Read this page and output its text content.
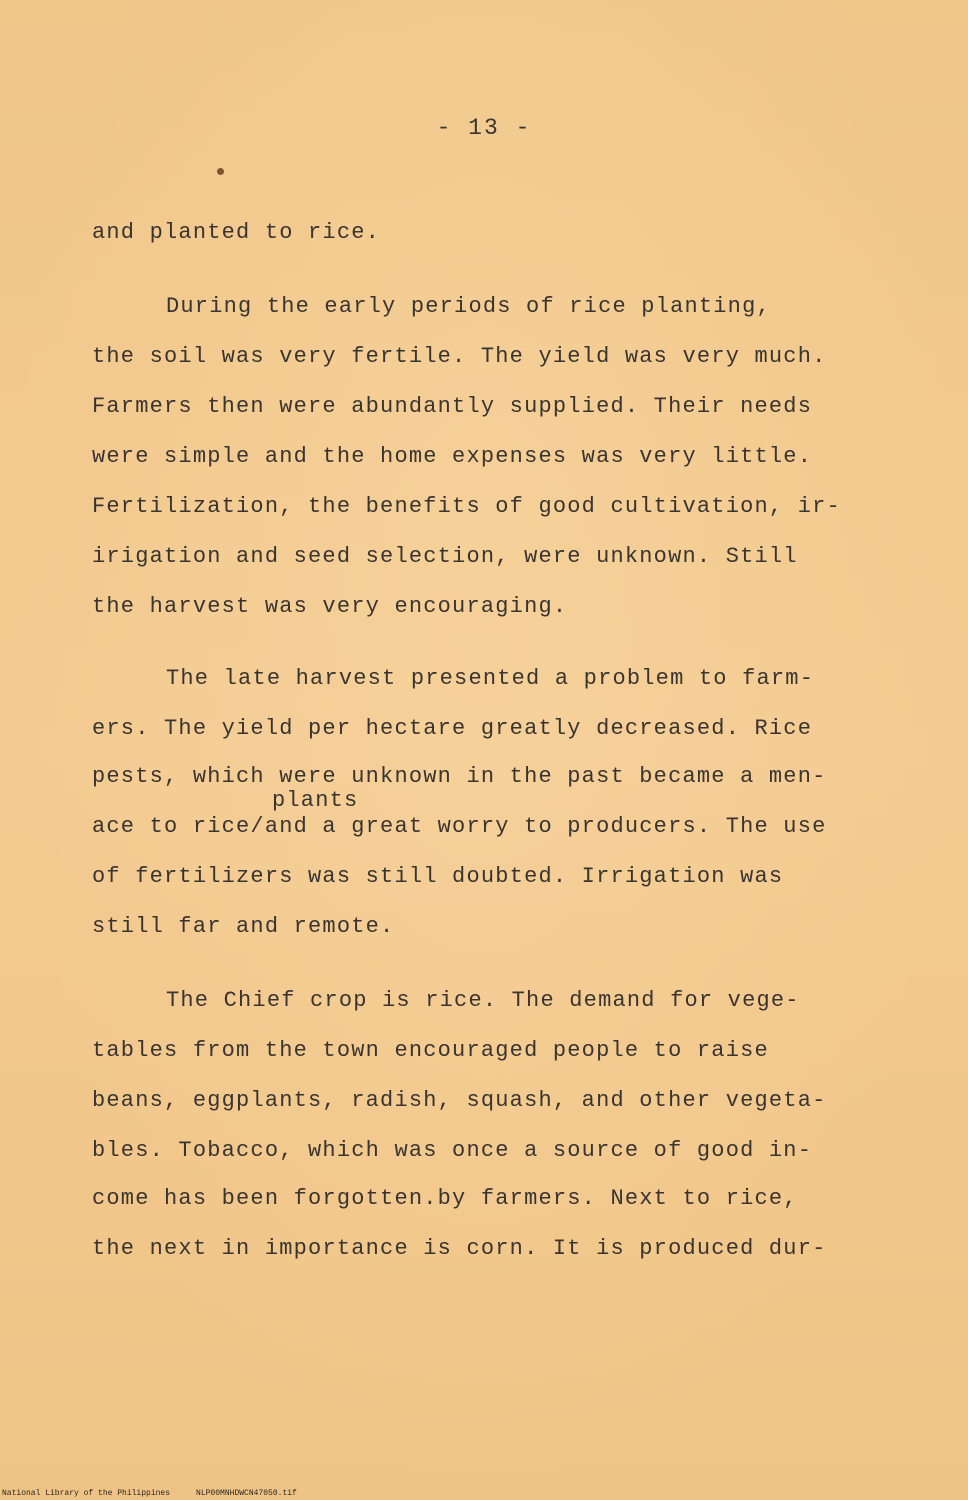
- 13 -
and planted to rice.
During the early periods of rice planting,
the soil was very fertile. The yield was very much.
Farmers then were abundantly supplied. Their needs
were simple and the home expenses was very little.
Fertilization, the benefits of good cultivation, ir-
irigation and seed selection, were unknown. Still
the harvest was very encouraging.
The late harvest presented a problem to farm-
ers. The yield per hectare greatly decreased. Rice
pests, which were unknown in the past became a men-
plants
ace to rice/and a great worry to producers. The use
of fertilizers was still doubted. Irrigation was
still far and remote.
The Chief crop is rice. The demand for vege-
tables from the town encouraged people to raise
beans, eggplants, radish, squash, and other vegeta-
bles. Tobacco, which was once a source of good in-
come has been forgotten.by farmers. Next to rice,
the next in importance is corn. It is produced dur-
National Library of the Philippines	NLP00MNHDWCN47050.tif
